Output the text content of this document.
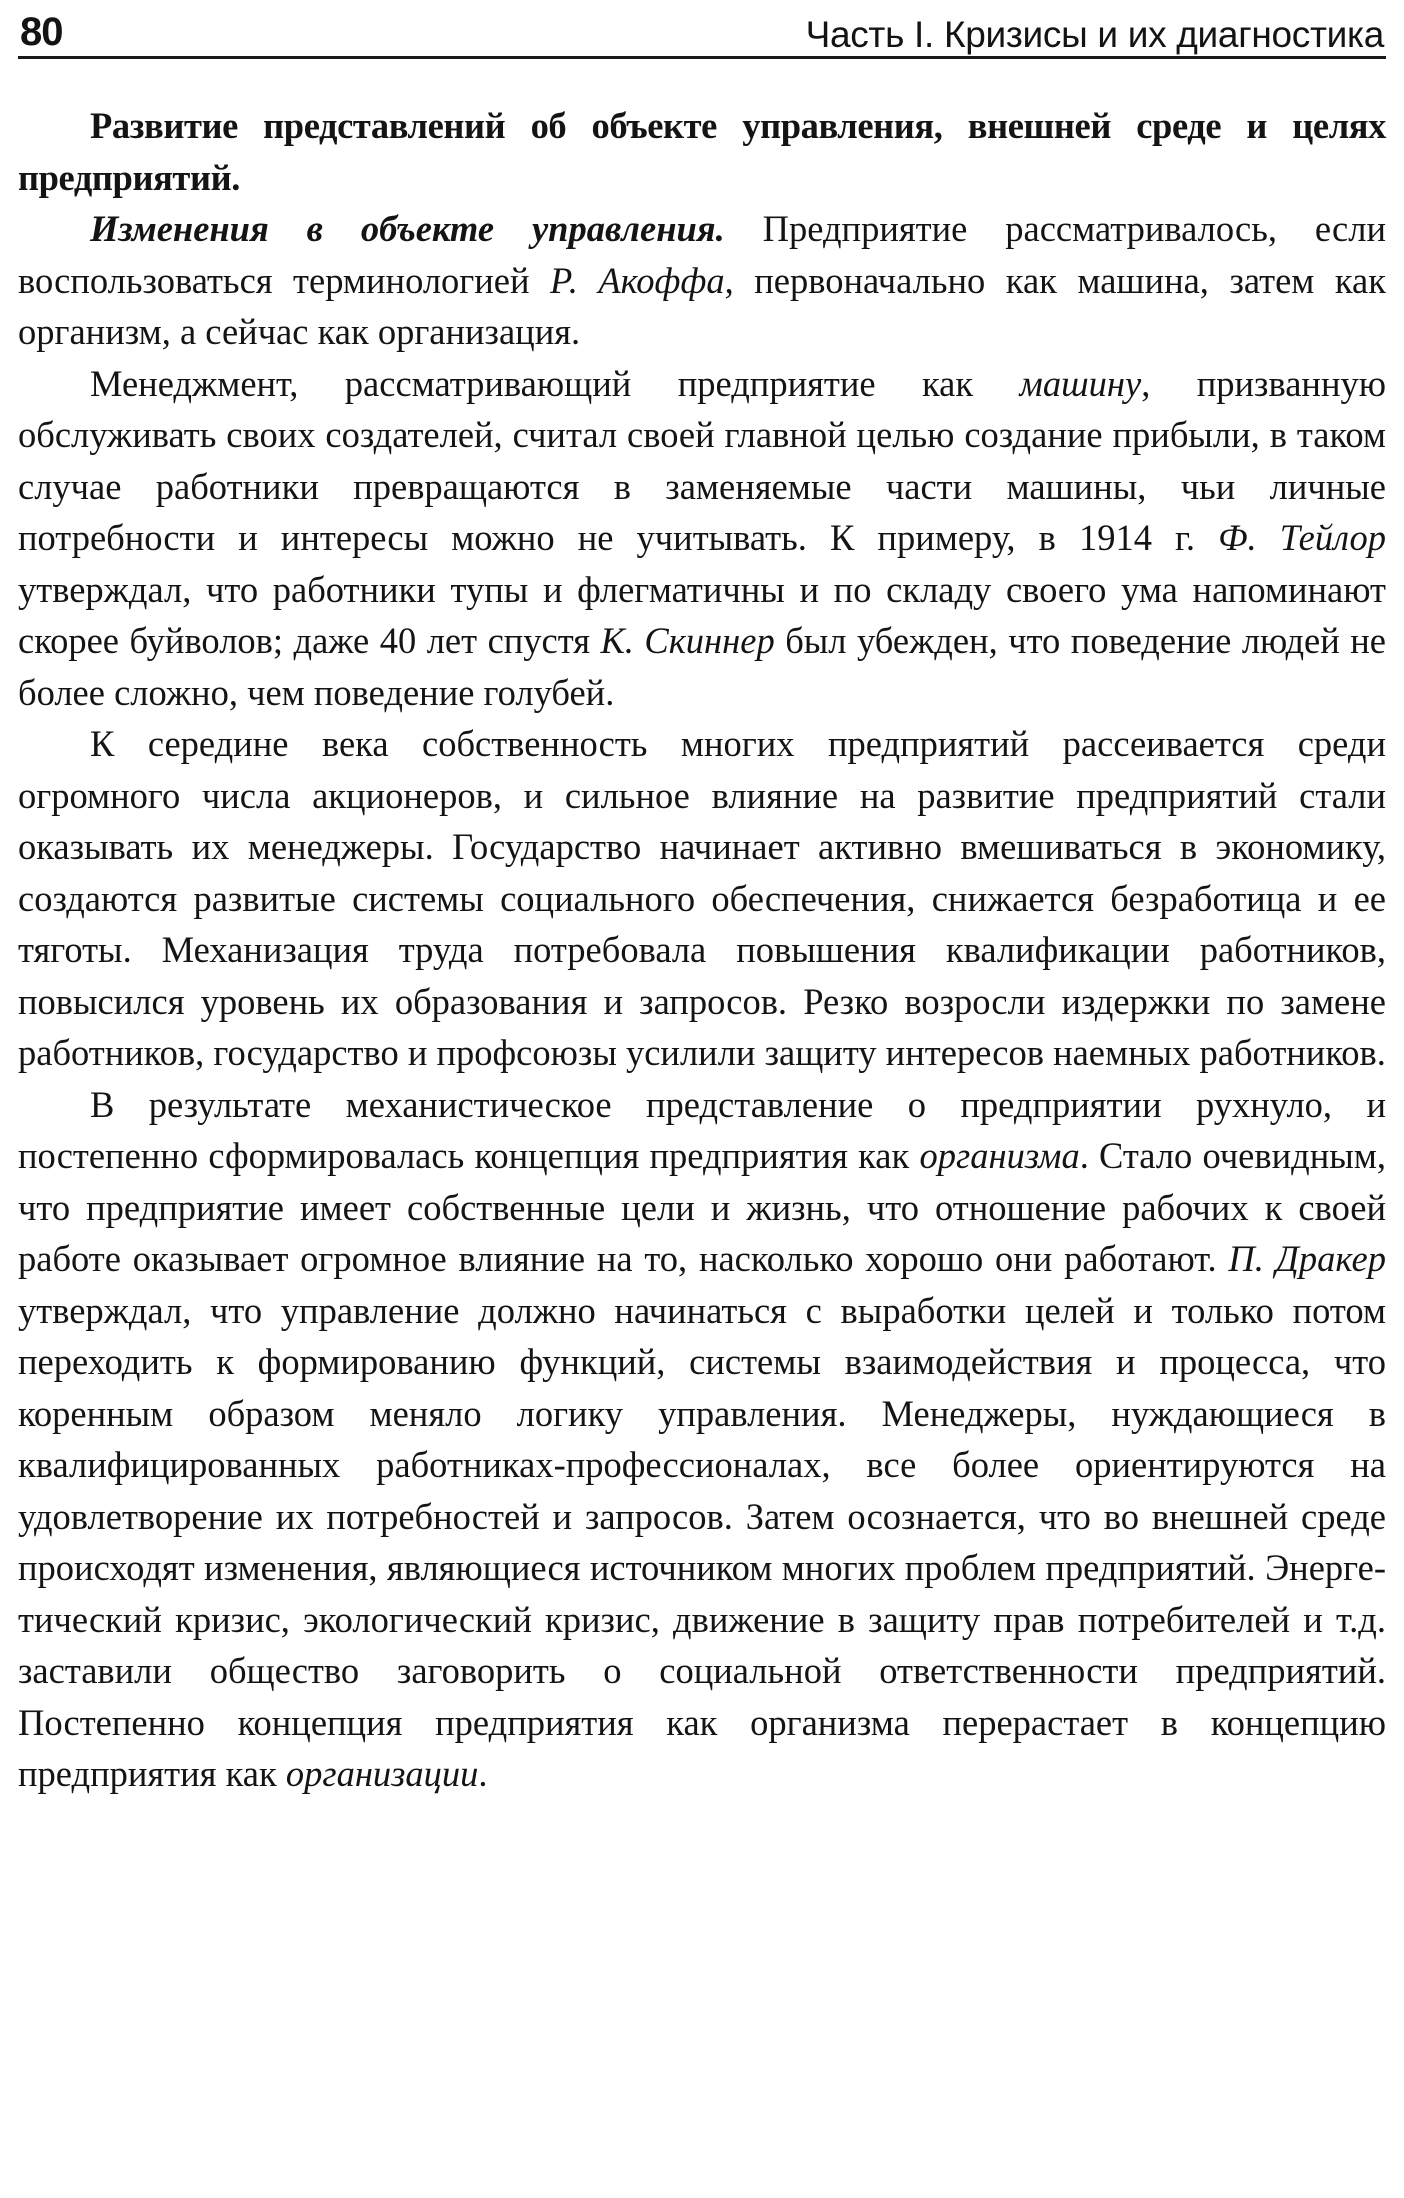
80	Часть I. Кризисы и их диагностика

Развитие представлений об объекте управления, внешней среде и целях предприятий.

Изменения в объекте управления. Предприятие рассматривалось, если воспользоваться терминологией Р. Акоффа, первоначально как машина, затем как организм, а сейчас как организация.

Менеджмент, рассматривающий предприятие как машину, призванную обслуживать своих создателей, считал своей главной целью создание прибыли, в таком случае работники превращаются в заменяемые части машины, чьи личные потребности и интересы можно не учитывать. К примеру, в 1914 г. Ф. Тейлор утверждал, что работники тупы и флегматичны и по складу своего ума напоминают скорее буйволов; даже 40 лет спустя К. Скиннер был убежден, что поведение людей не более сложно, чем поведение голубей.

К середине века собственность многих предприятий рассеивается среди огромного числа акционеров, и сильное влияние на развитие предприятий стали оказывать их менеджеры. Государство начинает активно вмешиваться в экономику, создаются развитые системы социального обеспечения, снижается безработица и ее тяготы. Механизация труда потребовала повышения квалификации работников, повысился уровень их образования и запросов. Резко возросли издержки по замене работников, государство и профсоюзы усилили защиту интересов наемных работников.

В результате механистическое представление о предприятии рухнуло, и постепенно сформировалась концепция предприятия как организма. Стало очевидным, что предприятие имеет собственные цели и жизнь, что отношение рабочих к своей работе оказывает огромное влияние на то, насколько хорошо они работают. П. Дракер утверждал, что управление должно начинаться с выработки целей и только потом переходить к формированию функций, системы взаимодействия и процесса, что коренным образом меняло логику управления. Менеджеры, нуждающиеся в квалифицированных работниках-профессионалах, все более ориентируются на удовлетворение их потребностей и запросов. Затем осознается, что во внешней среде происходят изменения, являющиеся источником многих проблем предприятий. Энергетический кризис, экологический кризис, движение в защиту прав потребителей и т.д. заставили общество заговорить о социальной ответственности предприятий. Постепенно концепция предприятия как организма перерастает в концепцию предприятия как организации.
